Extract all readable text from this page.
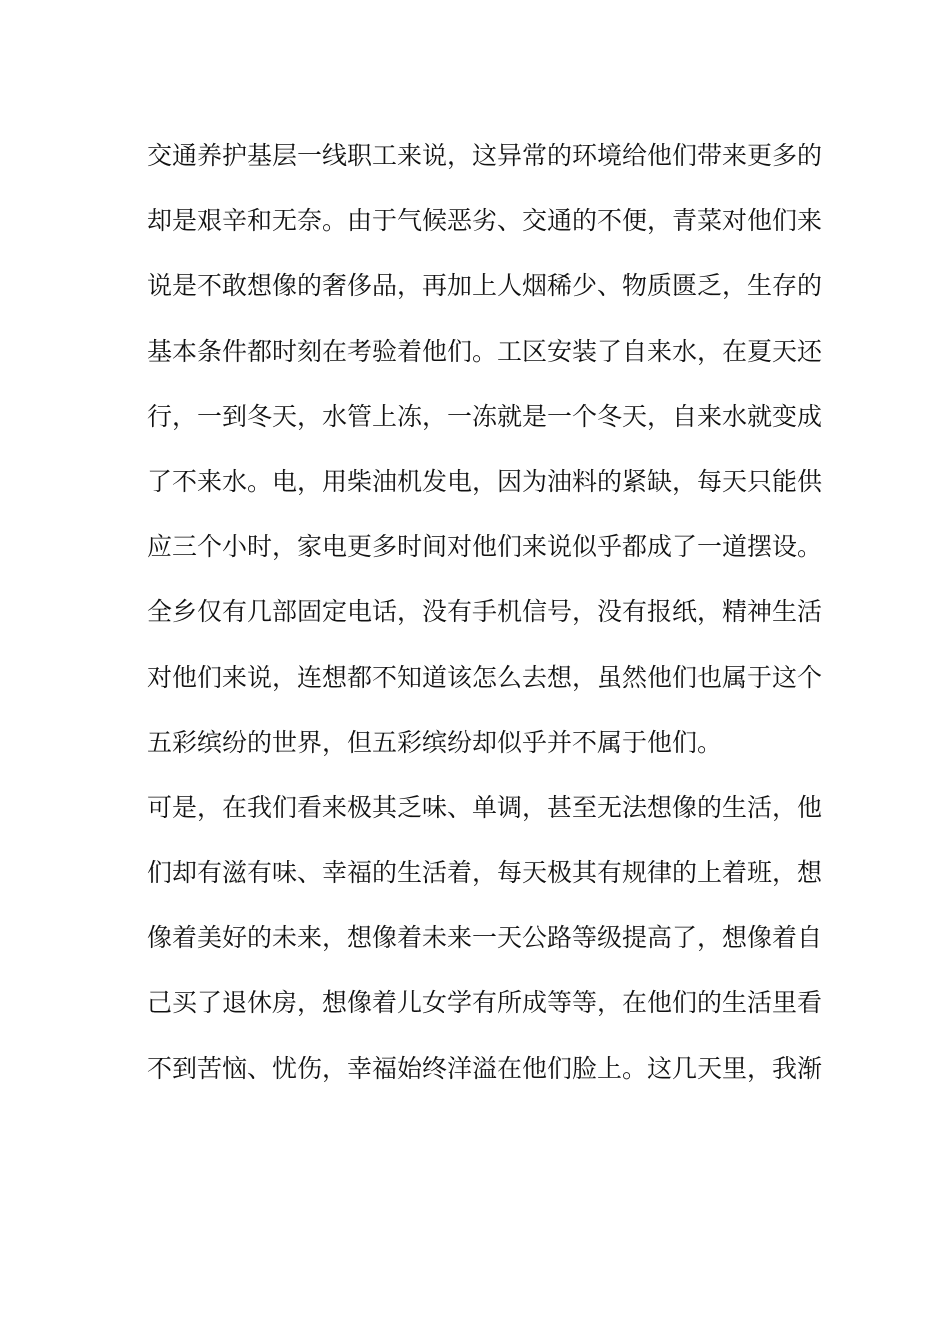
交通养护基层一线职工来说，这异常的环境给他们带来更多的
却是艰辛和无奈。由于气候恶劣、交通的不便，青菜对他们来
说是不敢想像的奢侈品，再加上人烟稀少、物质匮乏，生存的
基本条件都时刻在考验着他们。工区安装了自来水，在夏天还
行，一到冬天，水管上冻，一冻就是一个冬天，自来水就变成
了不来水。电，用柴油机发电，因为油料的紧缺，每天只能供
应三个小时，家电更多时间对他们来说似乎都成了一道摆设。
全乡仅有几部固定电话，没有手机信号，没有报纸，精神生活
对他们来说，连想都不知道该怎么去想，虽然他们也属于这个
五彩缤纷的世界，但五彩缤纷却似乎并不属于他们。
可是，在我们看来极其乏味、单调，甚至无法想像的生活，他
们却有滋有味、幸福的生活着，每天极其有规律的上着班，想
像着美好的未来，想像着未来一天公路等级提高了，想像着自
己买了退休房，想像着儿女学有所成等等，在他们的生活里看
不到苦恼、忧伤，幸福始终洋溢在他们脸上。这几天里，我渐
